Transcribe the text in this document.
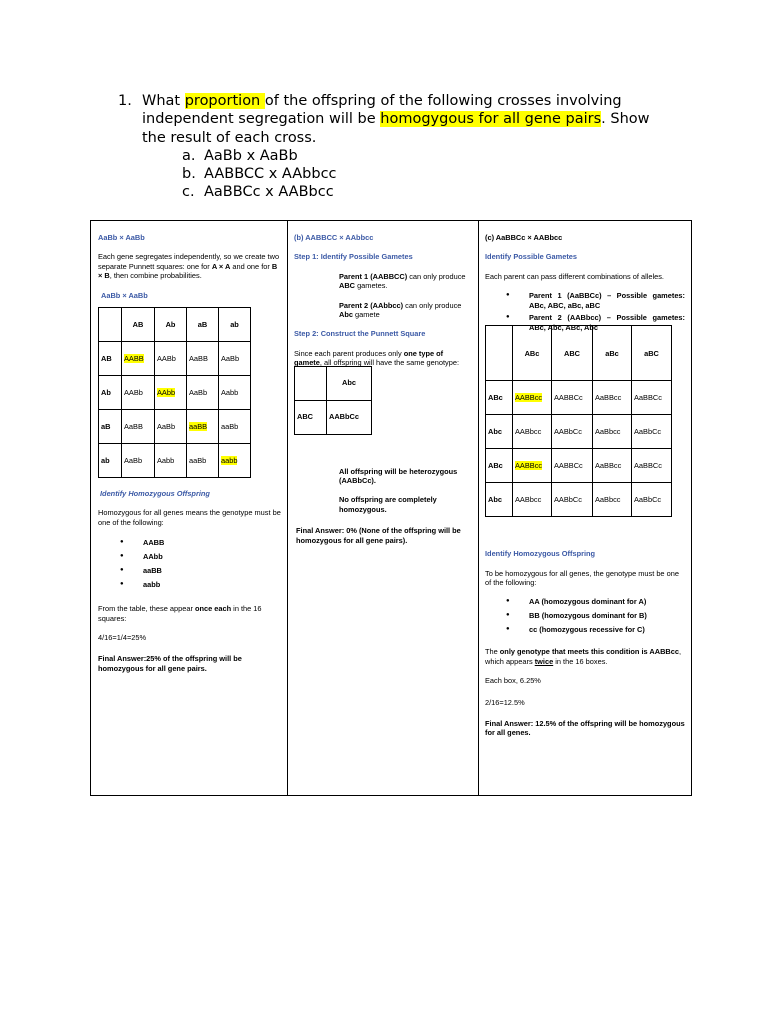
1. What proportion of the offspring of the following crosses involving
independent segregation will be homogygous for all gene pairs. Show
the result of each cross.
a. AaBb x AaBb
b. AABBCC x AAbbcc
c. AaBBCc x AABbcc

AaBb × AaBb

Each gene segregates independently, so we create two separate Punnett squares: one for A × A and one for B × B, then combine probabilities.

AaBb × AaBb

	AB	Ab	aB	ab
AB	AABB	AABb	AaBB	AaBb
Ab	AABb	AAbb	AaBb	Aabb
aB	AaBB	AaBb	aaBB	aaBb
ab	AaBb	Aabb	aaBb	aabb

Identify Homozygous Offspring

Homozygous for all genes means the genotype must be one of the following:

● AABB
● AAbb
● aaBB
● aabb

From the table, these appear once each in the 16 squares:

4/16=1/4=25%

Final Answer:25% of the offspring will be homozygous for all gene pairs.

(b) AABBCC × AAbbcc

Step 1: Identify Possible Gametes

Parent 1 (AABBCC) can only produce ABC gametes.

Parent 2 (AAbbcc) can only produce Abc gamete

Step 2: Construct the Punnett Square

Since each parent produces only one type of gamete, all offspring will have the same genotype:

	Abc
ABC	AABbCc

All offspring will be heterozygous (AABbCc).

No offspring are completely homozygous.

Final Answer: 0% (None of the offspring will be homozygous for all gene pairs).

(c) AaBBCc × AABbcc

Identify Possible Gametes

Each parent can pass different combinations of alleles.

● Parent 1 (AaBBCc) – Possible gametes: ABc, ABC, aBc, aBC
● Parent 2 (AABbcc) – Possible gametes: ABc, Abc, ABc, Abc
	ABc	ABC	aBc	aBC
ABc	AABBcc	AABBCc	AaBBcc	AaBBCc
Abc	AABbcc	AABbCc	AaBbcc	AaBbCc
ABc	AABBcc	AABBCc	AaBBcc	AaBBCc
Abc	AABbcc	AABbCc	AaBbcc	AaBbCc

Identify Homozygous Offspring

To be homozygous for all genes, the genotype must be one of the following:

● AA (homozygous dominant for A)
● BB (homozygous dominant for B)
● cc (homozygous recessive for C)

The only genotype that meets this condition is AABBcc, which appears twice in the 16 boxes.

Each box, 6.25%

2/16=12.5%

Final Answer: 12.5% of the offspring will be homozygous for all genes.
